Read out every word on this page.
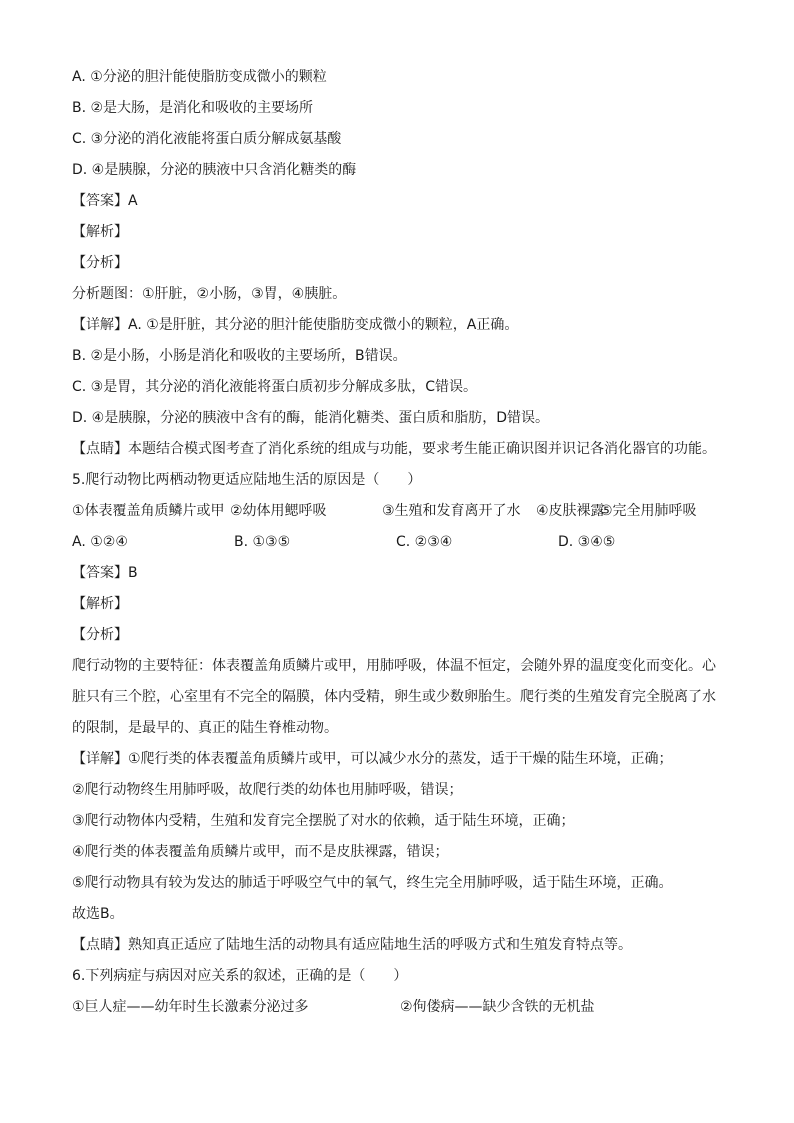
A. ①分泌的胆汁能使脂肪变成微小的颗粒
B. ②是大肠，是消化和吸收的主要场所
C. ③分泌的消化液能将蛋白质分解成氨基酸
D. ④是胰腺，分泌的胰液中只含消化糖类的酶
【答案】A
【解析】
【分析】
分析题图：①肝脏，②小肠，③胃，④胰脏。
【详解】A. ①是肝脏，其分泌的胆汁能使脂肪变成微小的颗粒，A正确。
B. ②是小肠，小肠是消化和吸收的主要场所，B错误。
C. ③是胃，其分泌的消化液能将蛋白质初步分解成多肽，C错误。
D. ④是胰腺，分泌的胰液中含有的酶，能消化糖类、蛋白质和脂肪，D错误。
【点睛】本题结合模式图考查了消化系统的组成与功能，要求考生能正确识图并识记各消化器官的功能。
5.爬行动物比两栖动物更适应陆地生活的原因是（　　）
①体表覆盖角质鳞片或甲 ②幼体用鳃呼吸	③生殖和发育离开了水	④皮肤裸露
⑤完全用肺呼吸
A. ①②④	B. ①③⑤	C. ②③④	D. ③④⑤
【答案】B
【解析】
【分析】
爬行动物的主要特征：体表覆盖角质鳞片或甲，用肺呼吸，体温不恒定，会随外界的温度变化而变化。心
脏只有三个腔，心室里有不完全的隔膜，体内受精，卵生或少数卵胎生。爬行类的生殖发育完全脱离了水
的限制，是最早的、真正的陆生脊椎动物。
【详解】①爬行类的体表覆盖角质鳞片或甲，可以减少水分的蒸发，适于干燥的陆生环境，正确；
②爬行动物终生用肺呼吸，故爬行类的幼体也用肺呼吸，错误；
③爬行动物体内受精，生殖和发育完全摆脱了对水的依赖，适于陆生环境，正确；
④爬行类的体表覆盖角质鳞片或甲，而不是皮肤裸露，错误；
⑤爬行动物具有较为发达的肺适于呼吸空气中的氧气，终生完全用肺呼吸，适于陆生环境，正确。
故选B。
【点睛】熟知真正适应了陆地生活的动物具有适应陆地生活的呼吸方式和生殖发育特点等。
6.下列病症与病因对应关系的叙述，正确的是（　　）
①巨人症——幼年时生长激素分泌过多	②佝偻病——缺少含铁的无机盐
